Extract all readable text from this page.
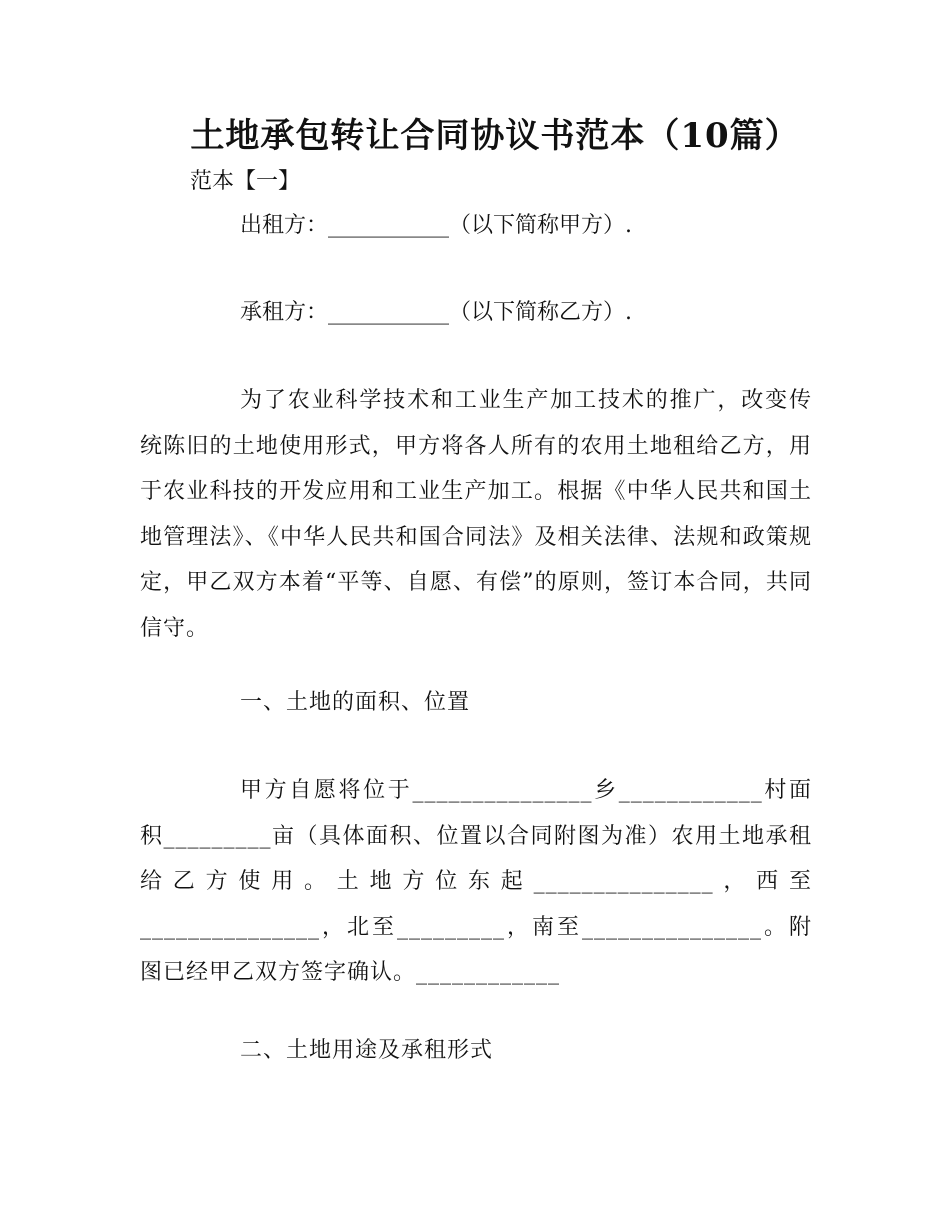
土地承包转让合同协议书范本（10篇）
范本【一】
出租方：___________（以下简称甲方）.
承租方：___________（以下简称乙方）.
为了农业科学技术和工业生产加工技术的推广，改变传统陈旧的土地使用形式，甲方将各人所有的农用土地租给乙方，用于农业科技的开发应用和工业生产加工。根据《中华人民共和国土地管理法》、《中华人民共和国合同法》及相关法律、法规和政策规定，甲乙双方本着“平等、自愿、有偿”的原则，签订本合同，共同信守。
一、土地的面积、位置
甲方自愿将位于_______________乡____________村面积_________亩（具体面积、位置以合同附图为准）农用土地承租给乙方使用。土地方位东起_______________，西至_______________，北至_________，南至_______________。附图已经甲乙双方签字确认。____________
二、土地用途及承租形式
